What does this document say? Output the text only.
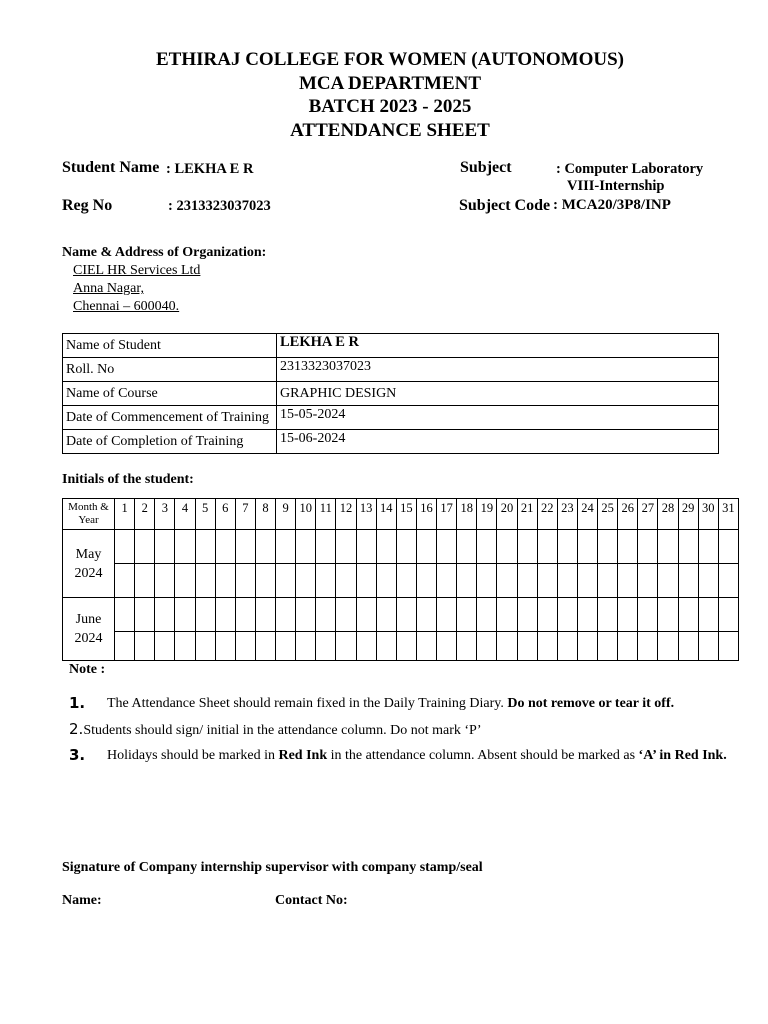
ETHIRAJ COLLEGE FOR WOMEN (AUTONOMOUS)
MCA DEPARTMENT
BATCH 2023 - 2025
ATTENDANCE SHEET
Student Name : LEKHA E R
Reg No	: 2313323037023
Subject	: Computer Laboratory
VIII-Internship
Subject Code : MCA20/3P8/INP
Name & Address of Organization:
CIEL HR Services Ltd
Anna Nagar,
Chennai – 600040.
Name of Student	LEKHA E R
Roll. No	2313323037023
Name of Course	GRAPHIC DESIGN
Date of Commencement of Training	15-05-2024
Date of Completion of Training	15-06-2024
Initials of the student:
Month & Year	1	2	3	4	5	6	7	8	9	10	11	12	13	14	15	16	17	18	19	20	21	22	23	24	25	26	27	28	29	30	31

May
2024																															

June
2024																															

Note :
1. The Attendance Sheet should remain fixed in the Daily Training Diary. Do not remove or tear it off.
2.Students should sign/ initial in the attendance column. Do not mark ‘P’
3. Holidays should be marked in Red Ink in the attendance column. Absent should be marked as ‘A’ in Red Ink.
Signature of Company internship supervisor with company stamp/seal
Name:	Contact No:
